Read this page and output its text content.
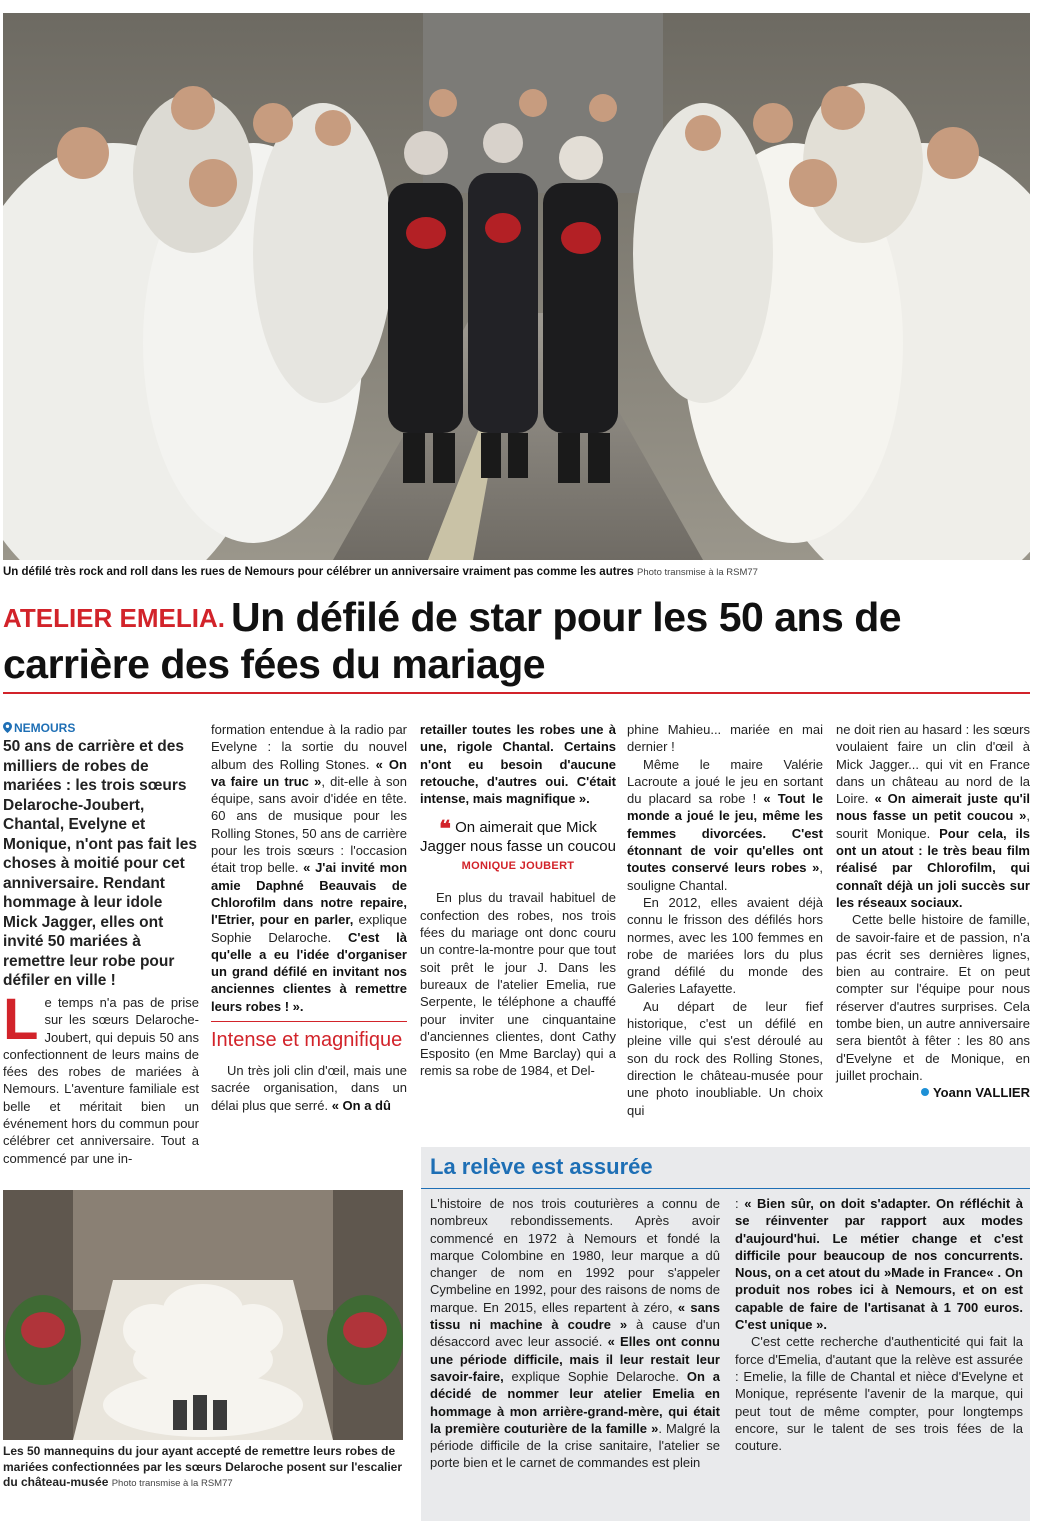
Un défilé très rock and roll dans les rues de Nemours pour célébrer un anniversaire vraiment pas comme les autres Photo transmise à la RSM77
ATELIER EMELIA. Un défilé de star pour les 50 ans de carrière des fées du mariage
NEMOURS
50 ans de carrière et des milliers de robes de mariées : les trois sœurs Delaroche-Joubert, Chantal, Evelyne et Monique, n'ont pas fait les choses à moitié pour cet anniversaire. Rendant hommage à leur idole Mick Jagger, elles ont invité 50 mariées à remettre leur robe pour défiler en ville !

Le temps n'a pas de prise sur les sœurs Delaroche-Joubert, qui depuis 50 ans confectionnent de leurs mains de fées des robes de mariées à Nemours. L'aventure familiale est belle et méritait bien un événement hors du commun pour célébrer cet anniversaire. Tout a commencé par une in-

formation entendue à la radio par Evelyne : la sortie du nouvel album des Rolling Stones. « On va faire un truc », dit-elle à son équipe, sans avoir d'idée en tête. 60 ans de musique pour les Rolling Stones, 50 ans de carrière pour les trois sœurs : l'occasion était trop belle. « J'ai invité mon amie Daphné Beauvais de Chlorofilm dans notre repaire, l'Etrier, pour en parler, explique Sophie Delaroche. C'est là qu'elle a eu l'idée d'organiser un grand défilé en invitant nos anciennes clientes à remettre leurs robes ! ».

Intense et magnifique

Un très joli clin d'œil, mais une sacrée organisation, dans un délai plus que serré. « On a dû

retailler toutes les robes une à une, rigole Chantal. Certains n'ont eu besoin d'aucune retouche, d'autres oui. C'était intense, mais magnifique ».

❝ On aimerait que Mick Jagger nous fasse un coucou
MONIQUE JOUBERT

En plus du travail habituel de confection des robes, nos trois fées du mariage ont donc couru un contre-la-montre pour que tout soit prêt le jour J. Dans les bureaux de l'atelier Emelia, rue Serpente, le téléphone a chauffé pour inviter une cinquantaine d'anciennes clientes, dont Cathy Esposito (en Mme Barclay) qui a remis sa robe de 1984, et Del-

phine Mahieu... mariée en mai dernier !

Même le maire Valérie Lacroute a joué le jeu en sortant du placard sa robe ! « Tout le monde a joué le jeu, même les femmes divorcées. C'est étonnant de voir qu'elles ont toutes conservé leurs robes », souligne Chantal.

En 2012, elles avaient déjà connu le frisson des défilés hors normes, avec les 100 femmes en robe de mariées lors du plus grand défilé du monde des Galeries Lafayette.

Au départ de leur fief historique, c'est un défilé en pleine ville qui s'est déroulé au son du rock des Rolling Stones, direction le château-musée pour une photo inoubliable. Un choix qui

ne doit rien au hasard : les sœurs voulaient faire un clin d'œil à Mick Jagger... qui vit en France dans un château au nord de la Loire. « On aimerait juste qu'il nous fasse un petit coucou », sourit Monique. Pour cela, ils ont un atout : le très beau film réalisé par Chlorofilm, qui connaît déjà un joli succès sur les réseaux sociaux.

Cette belle histoire de famille, de savoir-faire et de passion, n'a pas écrit ses dernières lignes, bien au contraire. Et on peut compter sur l'équipe pour nous réserver d'autres surprises. Cela tombe bien, un autre anniversaire sera bientôt à fêter : les 80 ans d'Evelyne et de Monique, en juillet prochain.

Yoann VALLIER
La relève est assurée

L'histoire de nos trois couturières a connu de nombreux rebondissements. Après avoir commencé en 1972 à Nemours et fondé la marque Colombine en 1980, leur marque a dû changer de nom en 1992 pour s'appeler Cymbeline en 1992, pour des raisons de noms de marque. En 2015, elles repartent à zéro, « sans tissu ni machine à coudre » à cause d'un désaccord avec leur associé. « Elles ont connu une période difficile, mais il leur restait leur savoir-faire, explique Sophie Delaroche. On a décidé de nommer leur atelier Emelia en hommage à mon arrière-grand-mère, qui était la première couturière de la famille ». Malgré la période difficile de la crise sanitaire, l'atelier se porte bien et le carnet de commandes est plein

: « Bien sûr, on doit s'adapter. On réfléchit à se réinventer par rapport aux modes d'aujourd'hui. Le métier change et c'est difficile pour beaucoup de nos concurrents. Nous, on a cet atout du »Made in France« . On produit nos robes ici à Nemours, et on est capable de faire de l'artisanat à 1 700 euros. C'est unique ».

C'est cette recherche d'authenticité qui fait la force d'Emelia, d'autant que la relève est assurée : Emelie, la fille de Chantal et nièce d'Evelyne et Monique, représente l'avenir de la marque, qui peut tout de même compter, pour longtemps encore, sur le talent de ses trois fées de la couture.

Les 50 mannequins du jour ayant accepté de remettre leurs robes de mariées confectionnées par les sœurs Delaroche posent sur l'escalier du château-musée Photo transmise à la RSM77
